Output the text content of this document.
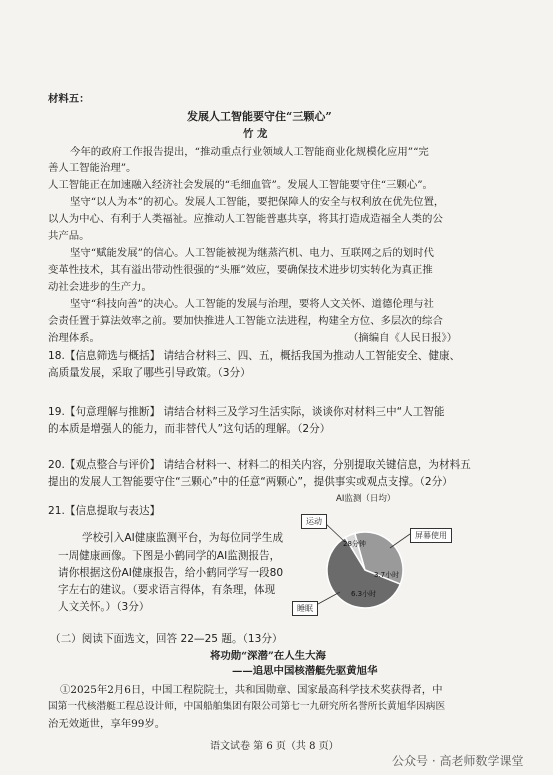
材料五：
发展人工智能要守住“三颗心”
竹 龙
今年的政府工作报告提出，“推动重点行业领域人工智能商业化规模化应用”“完
善人工智能治理”。
人工智能正在加速融入经济社会发展的“毛细血管”。发展人工智能要守住“三颗心”。
坚守“以人为本”的初心。发展人工智能，要把保障人的安全与权利放在优先位置，
以人为中心、有利于人类福祉。应推动人工智能普惠共享，将其打造成造福全人类的公
共产品。
坚守“赋能发展”的信心。人工智能被视为继蒸汽机、电力、互联网之后的划时代
变革性技术，其有溢出带动性很强的“头雁”效应，要确保技术进步切实转化为真正推
动社会进步的生产力。
坚守“科技向善”的决心。人工智能的发展与治理，要将人文关怀、道德伦理与社
会责任置于算法效率之前。要加快推进人工智能立法进程，构建全方位、多层次的综合
治理体系。	（摘编自《人民日报》）
18.【信息筛选与概括】 请结合材料三、四、五，概括我国为推动人工智能安全、健康、
高质量发展，采取了哪些引导政策。（3分）
19.【句意理解与推断】 请结合材料三及学习生活实际，谈谈你对材料三中“人工智能
的本质是增强人的能力，而非替代人”这句话的理解。（2分）
20.【观点整合与评价】 请结合材料一、材料二的相关内容，分别提取关键信息，为材料五
提出的发展人工智能要守住“三颗心”中的任意“两颗心”，提供事实或观点支撑。（2分）
21.【信息提取与表达】
学校引入AI健康监测平台，为每位同学生成
一周健康画像。下图是小鹤同学的AI监测报告，
请你根据这份AI健康报告，给小鹤同学写一段80
字左右的建议。（要求语言得体，有条理，体现
人文关怀。）（3分）
AI监测（日均）
运动
屏幕使用
睡眠
28分钟
3.7小时
6.3小时
（二）阅读下面选文，回答 22—25 题。（13分）
将功勋“深潜”在人生大海
——追思中国核潜艇先驱黄旭华
①2025年2月6日，中国工程院院士，共和国勋章、国家最高科学技术奖获得者，中
国第一代核潜艇工程总设计师，中国船舶集团有限公司第七一九研究所名誉所长黄旭华因病医
治无效逝世，享年99岁。
语文试卷 第 6 页（共 8 页）
公众号 · 高老师数学课堂
